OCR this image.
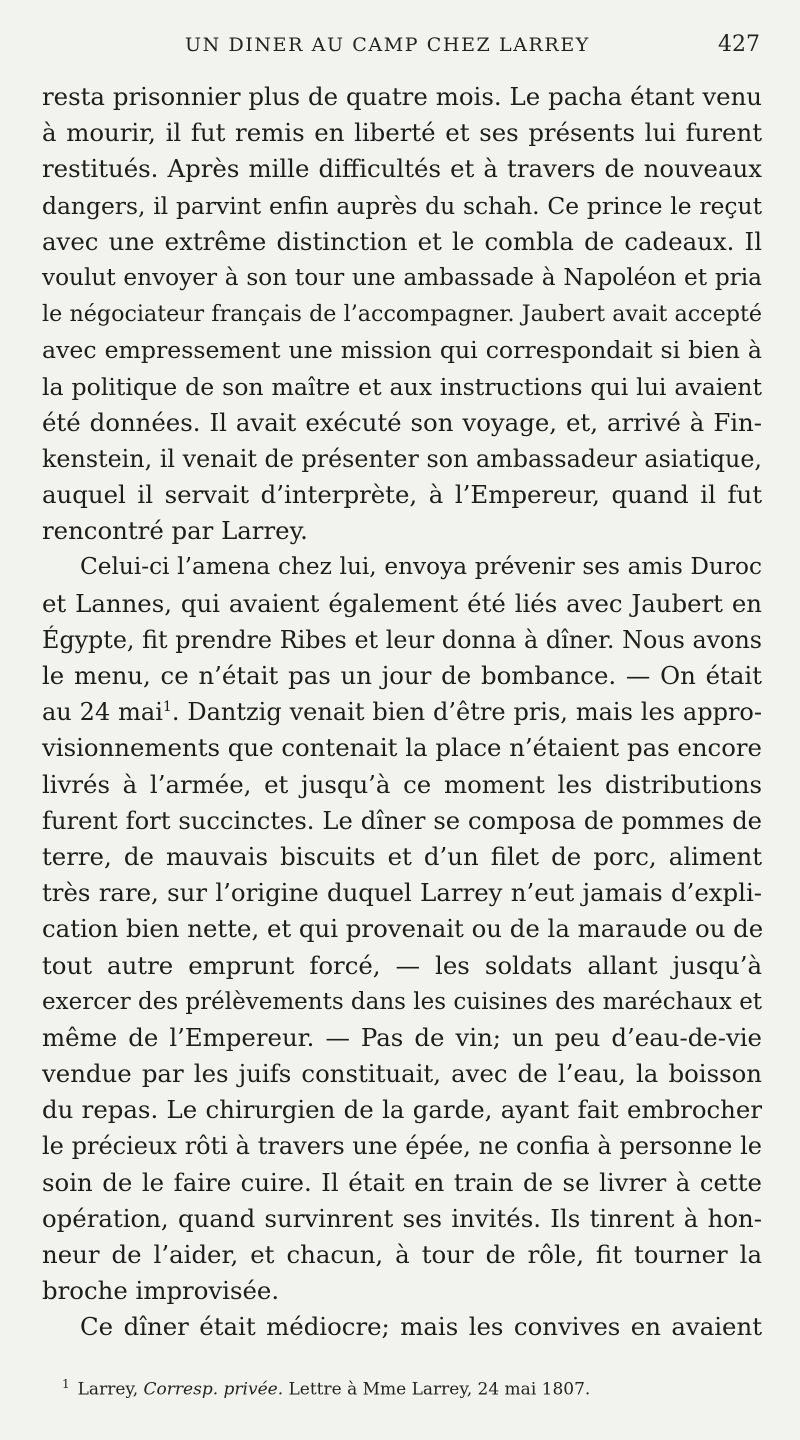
UN DINER AU CAMP CHEZ LARREY	427
resta prisonnier plus de quatre mois. Le pacha étant venu
à mourir, il fut remis en liberté et ses présents lui furent
restitués. Après mille difficultés et à travers de nouveaux
dangers, il parvint enfin auprès du schah. Ce prince le reçut
avec une extrême distinction et le combla de cadeaux. Il
voulut envoyer à son tour une ambassade à Napoléon et pria
le négociateur français de l’accompagner. Jaubert avait accepté
avec empressement une mission qui correspondait si bien à
la politique de son maître et aux instructions qui lui avaient
été données. Il avait exécuté son voyage, et, arrivé à Fin-
kenstein, il venait de présenter son ambassadeur asiatique,
auquel il servait d’interprète, à l’Empereur, quand il fut
rencontré par Larrey.
Celui-ci l’amena chez lui, envoya prévenir ses amis Duroc
et Lannes, qui avaient également été liés avec Jaubert en
Égypte, fit prendre Ribes et leur donna à dîner. Nous avons
le menu, ce n’était pas un jour de bombance. — On était
au 24 mai$^1$. Dantzig venait bien d’être pris, mais les appro-
visionnements que contenait la place n’étaient pas encore
livrés à l’armée, et jusqu’à ce moment les distributions
furent fort succinctes. Le dîner se composa de pommes de
terre, de mauvais biscuits et d’un filet de porc, aliment
très rare, sur l’origine duquel Larrey n’eut jamais d’expli-
cation bien nette, et qui provenait ou de la maraude ou de
tout autre emprunt forcé, — les soldats allant jusqu’à
exercer des prélèvements dans les cuisines des maréchaux et
même de l’Empereur. — Pas de vin; un peu d’eau-de-vie
vendue par les juifs constituait, avec de l’eau, la boisson
du repas. Le chirurgien de la garde, ayant fait embrocher
le précieux rôti à travers une épée, ne confia à personne le
soin de le faire cuire. Il était en train de se livrer à cette
opération, quand survinrent ses invités. Ils tinrent à hon-
neur de l’aider, et chacun, à tour de rôle, fit tourner la
broche improvisée.
Ce dîner était médiocre; mais les convives en avaient
$^1$ Larrey, Corresp. privée. Lettre à Mme Larrey, 24 mai 1807.
